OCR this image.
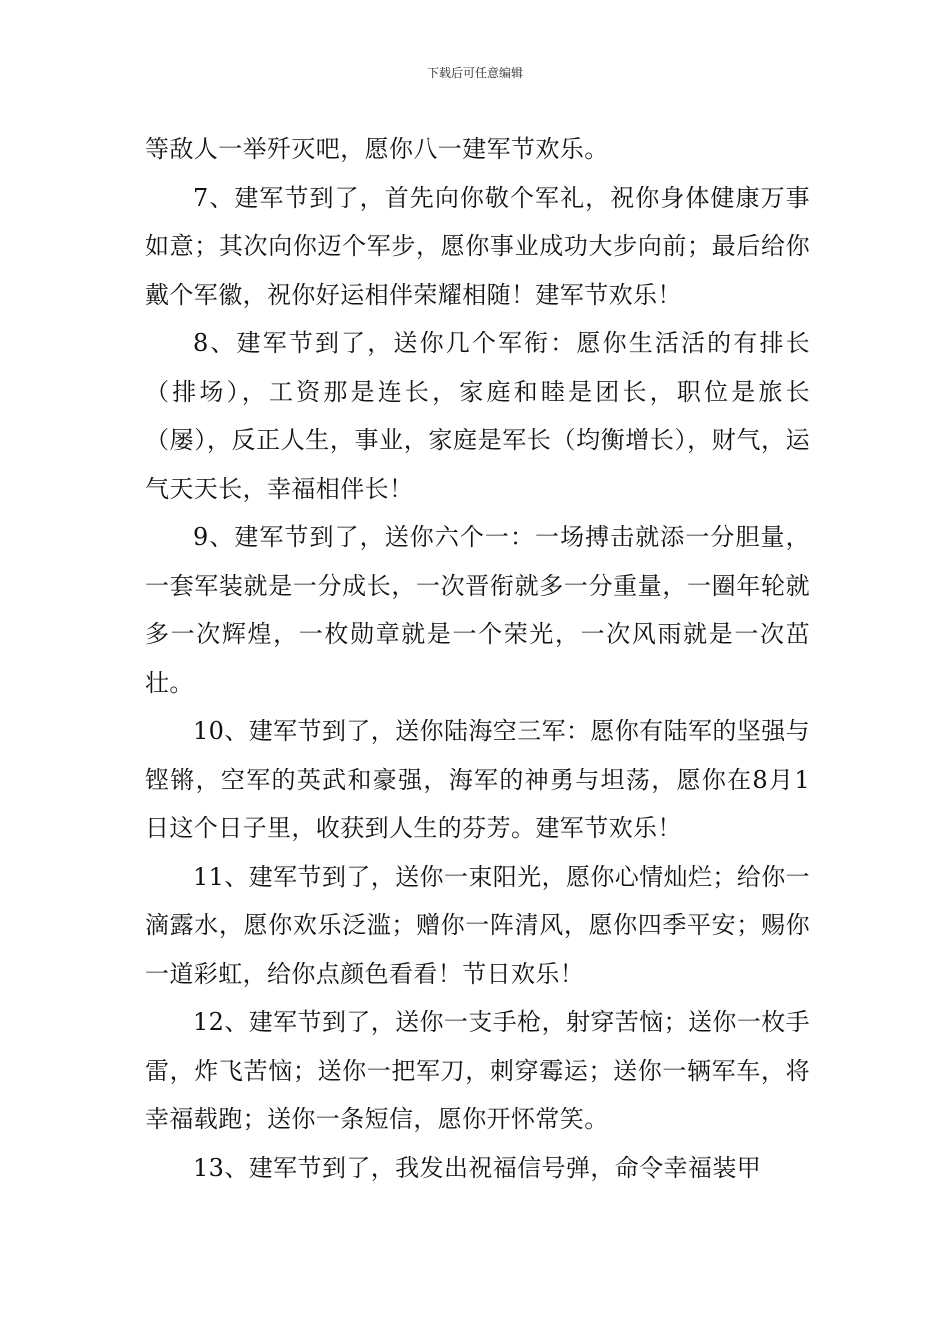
下载后可任意编辑

等敌人一举歼灭吧，愿你八一建军节欢乐。

7、建军节到了，首先向你敬个军礼，祝你身体健康万事如意；其次向你迈个军步，愿你事业成功大步向前；最后给你戴个军徽，祝你好运相伴荣耀相随！建军节欢乐！

8、建军节到了，送你几个军衔：愿你生活活的有排长（排场），工资那是连长，家庭和睦是团长，职位是旅长（屡），反正人生，事业，家庭是军长（均衡增长），财气，运气天天长，幸福相伴长！

9、建军节到了，送你六个一：一场搏击就添一分胆量，一套军装就是一分成长，一次晋衔就多一分重量，一圈年轮就多一次辉煌，一枚勋章就是一个荣光，一次风雨就是一次茁壮。

10、建军节到了，送你陆海空三军：愿你有陆军的坚强与铿锵，空军的英武和豪强，海军的神勇与坦荡，愿你在8月1日这个日子里，收获到人生的芬芳。建军节欢乐！

11、建军节到了，送你一束阳光，愿你心情灿烂；给你一滴露水，愿你欢乐泛滥；赠你一阵清风，愿你四季平安；赐你一道彩虹，给你点颜色看看！节日欢乐！

12、建军节到了，送你一支手枪，射穿苦恼；送你一枚手雷，炸飞苦恼；送你一把军刀，刺穿霉运；送你一辆军车，将幸福载跑；送你一条短信，愿你开怀常笑。

13、建军节到了，我发出祝福信号弹，命令幸福装甲
